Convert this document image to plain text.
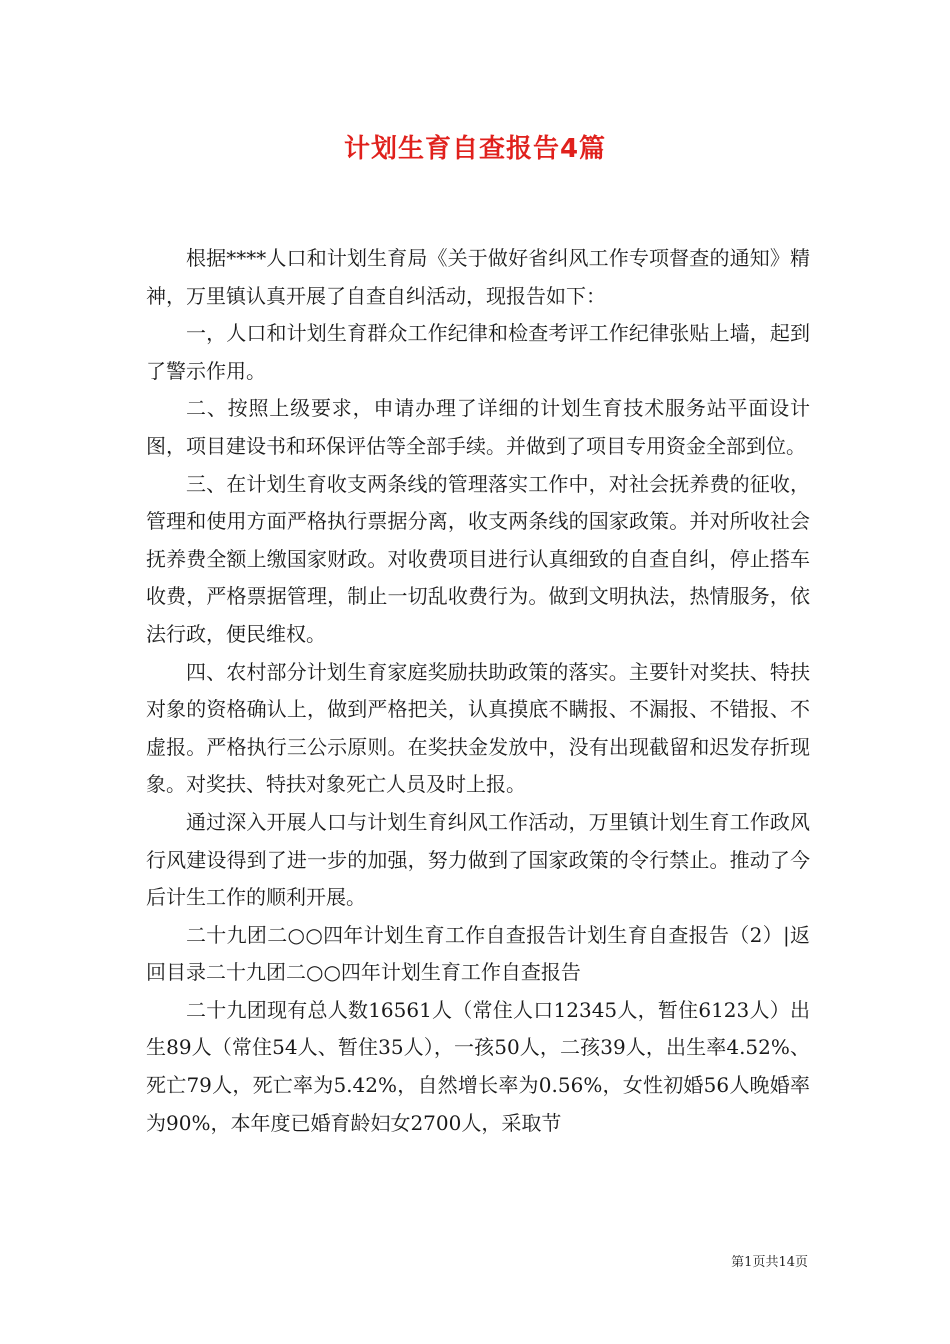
计划生育自查报告4篇

根据****人口和计划生育局《关于做好省纠风工作专项督查的通知》精神，万里镇认真开展了自查自纠活动，现报告如下：

一，人口和计划生育群众工作纪律和检查考评工作纪律张贴上墙，起到了警示作用。

二、按照上级要求，申请办理了详细的计划生育技术服务站平面设计图，项目建设书和环保评估等全部手续。并做到了项目专用资金全部到位。

三、在计划生育收支两条线的管理落实工作中，对社会抚养费的征收，管理和使用方面严格执行票据分离，收支两条线的国家政策。并对所收社会抚养费全额上缴国家财政。对收费项目进行认真细致的自查自纠，停止搭车收费，严格票据管理，制止一切乱收费行为。做到文明执法，热情服务，依法行政，便民维权。

四、农村部分计划生育家庭奖励扶助政策的落实。主要针对奖扶、特扶对象的资格确认上，做到严格把关，认真摸底不瞒报、不漏报、不错报、不虚报。严格执行三公示原则。在奖扶金发放中，没有出现截留和迟发存折现象。对奖扶、特扶对象死亡人员及时上报。

通过深入开展人口与计划生育纠风工作活动，万里镇计划生育工作政风行风建设得到了进一步的加强，努力做到了国家政策的令行禁止。推动了今后计生工作的顺利开展。

二十九团二○○四年计划生育工作自查报告计划生育自查报告（2）|返回目录二十九团二○○四年计划生育工作自查报告

二十九团现有总人数16561人（常住人口12345人，暂住6123人）出生89人（常住54人、暂住35人），一孩50人，二孩39人，出生率4.52%、死亡79人，死亡率为5.42%，自然增长率为0.56%，女性初婚56人晚婚率为90%，本年度已婚育龄妇女2700人，采取节

第1页共14页
